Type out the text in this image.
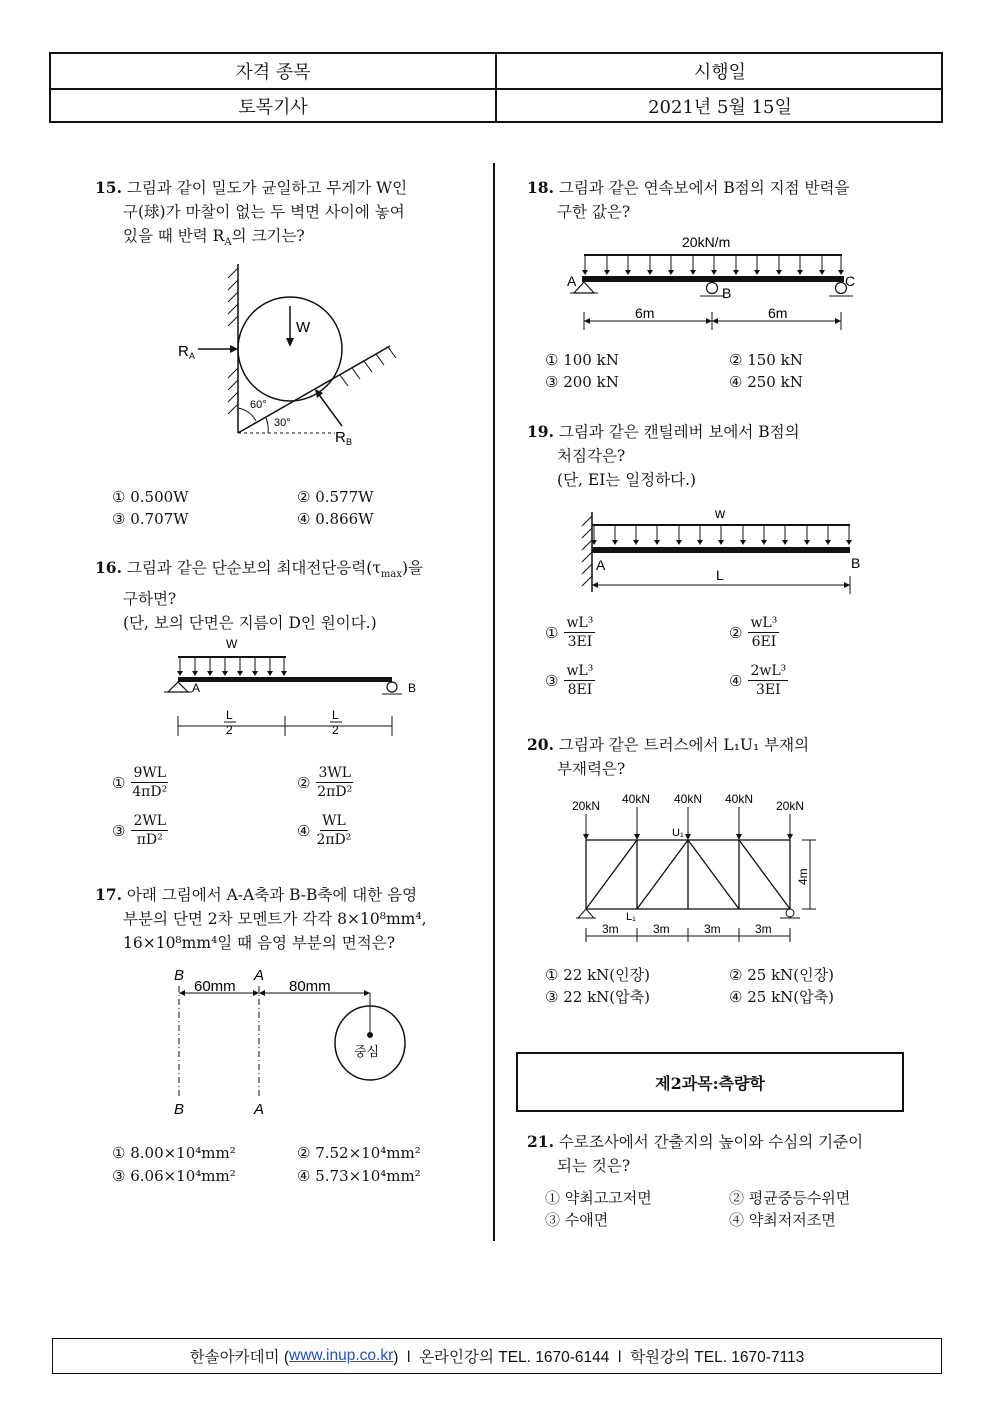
자격 종목	시행일
토목기사	2021년 5월 15일
15. 그림과 같이 밀도가 균일하고 무게가 W인
구(球)가 마찰이 없는 두 벽면 사이에 놓여
있을 때 반력 $R_A$의 크기는?
W
R A
R B
60°
30°
① 0.500W	② 0.577W
③ 0.707W	④ 0.866W
16. 그림과 같은 단순보의 최대전단응력$(\tau_{max})$을
구하면?
(단, 보의 단면은 지름이 D인 원이다.)
W
A	B
L
2
L
2
① $\frac{9WL}{\text{4πD²}}$	② $\frac{3WL}{\text{2πD²}}$
③ $\frac{2WL}{\text{πD²}}$	④ $\frac{WL}{\text{2πD²}}$
17. 아래 그림에서 A-A축과 B-B축에 대한 음영
부분의 단면 2차 모멘트가 각각 8×10⁸mm⁴,
16×10⁸mm⁴일 때 음영 부분의 면적은?
B	A
B	A
60mm	80mm
중심
① 8.00×10⁴mm²	② 7.52×10⁴mm²
③ 6.06×10⁴mm²	④ 5.73×10⁴mm²
18. 그림과 같은 연속보에서 B점의 지점 반력을
구한 값은?
20kN/m
A
B
C
6m	6m
① 100 kN	② 150 kN
③ 200 kN	④ 250 kN
19. 그림과 같은 캔틸레버 보에서 B점의
처짐각은?
(단, EI는 일정하다.)
w
A	B
L
① $\frac{\text{wL³}}{3EI}$	② $\frac{\text{wL³}}{6EI}$
③ $\frac{\text{wL³}}{8EI}$	④ $\frac{\text{2wL³}}{3EI}$
20. 그림과 같은 트러스에서 L₁U₁ 부재의
부재력은?
20kN 40kN 40kN 40kN 20kN
U₁
L₁
4m
3m	3m	3m	3m
① 22 kN(인장)	② 25 kN(인장)
③ 22 kN(압축)	④ 25 kN(압축)
제2과목:측량학
21. 수로조사에서 간출지의 높이와 수심의 기준이
되는 것은?
① 약최고고저면	② 평균중등수위면
③ 수애면	④ 약최저저조면
한솔아카데미 ( www.inup.co.kr )  l  온라인강의 TEL. 1670-6144  l  학원강의 TEL. 1670-7113
